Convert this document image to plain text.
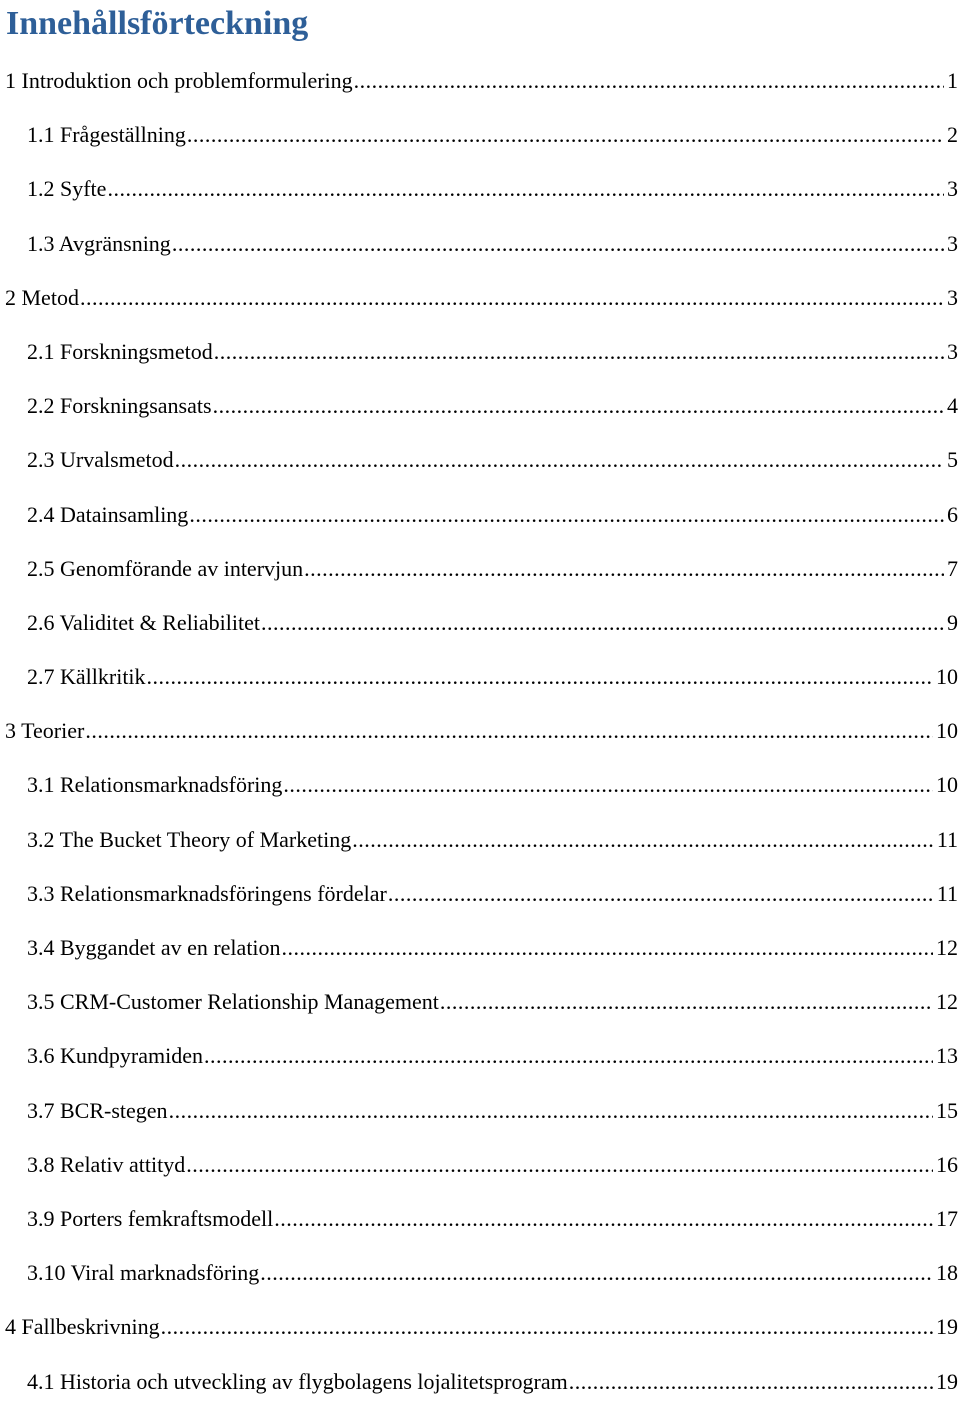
Innehållsförteckning
1 Introduktion och problemformulering .....	1
1.1 Frågeställning .....	2
1.2 Syfte .....	3
1.3 Avgränsning .....	3
2 Metod .....	3
2.1 Forskningsmetod .....	3
2.2 Forskningsansats .....	4
2.3 Urvalsmetod .....	5
2.4 Datainsamling .....	6
2.5 Genomförande av intervjun .....	7
2.6 Validitet & Reliabilitet .....	9
2.7 Källkritik .....	10
3 Teorier .....	10
3.1 Relationsmarknadsföring .....	10
3.2 The Bucket Theory of Marketing .....	11
3.3 Relationsmarknadsföringens fördelar .....	11
3.4 Byggandet av en relation .....	12
3.5 CRM-Customer Relationship Management .....	12
3.6 Kundpyramiden .....	13
3.7 BCR-stegen .....	15
3.8 Relativ attityd .....	16
3.9 Porters femkraftsmodell .....	17
3.10 Viral marknadsföring .....	18
4 Fallbeskrivning .....	19
4.1 Historia och utveckling av flygbolagens lojalitetsprogram .....	19
